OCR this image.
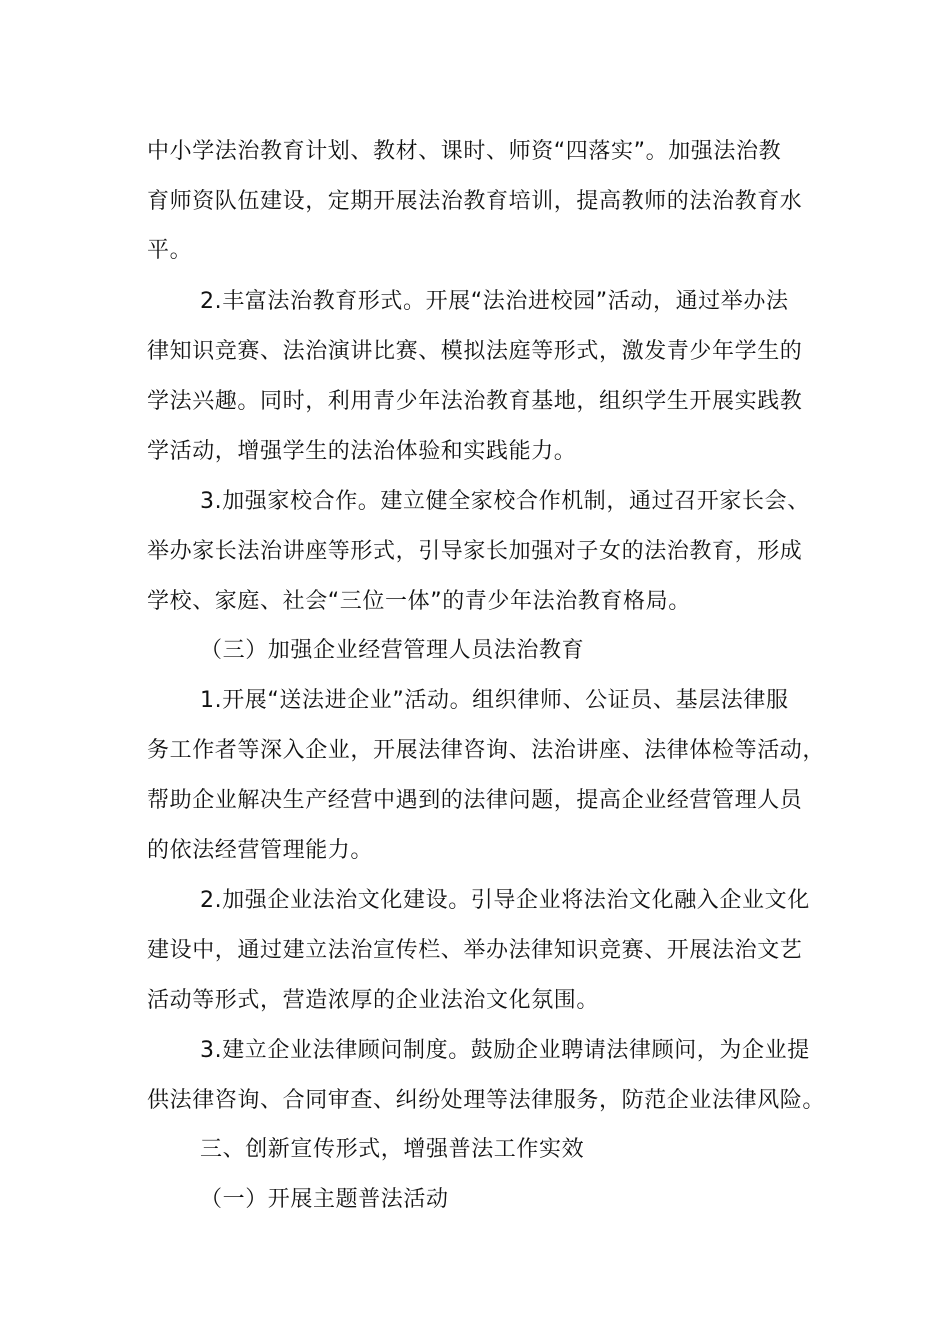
中小学法治教育计划、教材、课时、师资“四落实”。加强法治教
育师资队伍建设，定期开展法治教育培训，提高教师的法治教育水
平。
2.丰富法治教育形式。开展“法治进校园”活动，通过举办法
律知识竞赛、法治演讲比赛、模拟法庭等形式，激发青少年学生的
学法兴趣。同时，利用青少年法治教育基地，组织学生开展实践教
学活动，增强学生的法治体验和实践能力。
3.加强家校合作。建立健全家校合作机制，通过召开家长会、
举办家长法治讲座等形式，引导家长加强对子女的法治教育，形成
学校、家庭、社会“三位一体”的青少年法治教育格局。
（三）加强企业经营管理人员法治教育
1.开展“送法进企业”活动。组织律师、公证员、基层法律服
务工作者等深入企业，开展法律咨询、法治讲座、法律体检等活动，
帮助企业解决生产经营中遇到的法律问题，提高企业经营管理人员
的依法经营管理能力。
2.加强企业法治文化建设。引导企业将法治文化融入企业文化
建设中，通过建立法治宣传栏、举办法律知识竞赛、开展法治文艺
活动等形式，营造浓厚的企业法治文化氛围。
3.建立企业法律顾问制度。鼓励企业聘请法律顾问，为企业提
供法律咨询、合同审查、纠纷处理等法律服务，防范企业法律风险。
三、创新宣传形式，增强普法工作实效
（一）开展主题普法活动
